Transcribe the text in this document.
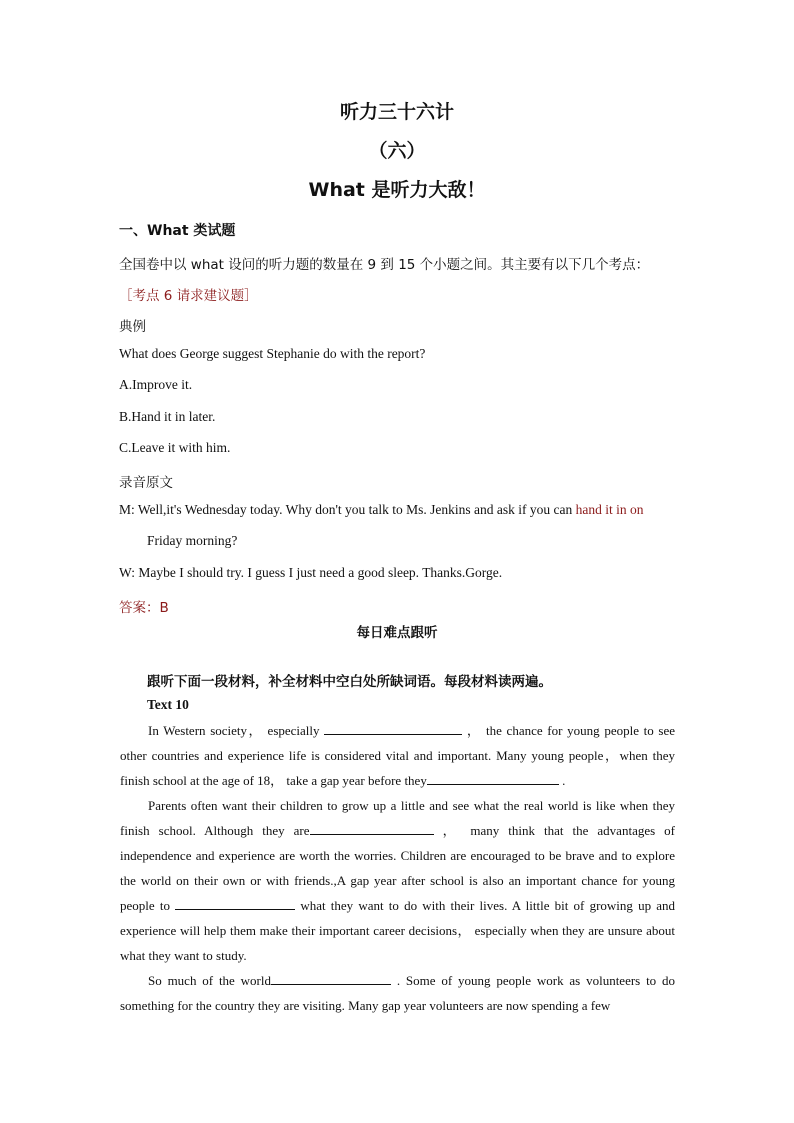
听力三十六计
（六）
What 是听力大敌！
一、What 类试题
全国卷中以 what 设问的听力题的数量在 9 到 15 个小题之间。其主要有以下几个考点：
［考点 6 请求建议题］
典例
What does George suggest Stephanie do with the report?
A.Improve it.
B.Hand it in later.
C.Leave it with him.
录音原文
M: Well,it's Wednesday today. Why don't you talk to Ms. Jenkins and ask if you can hand it in on
Friday morning?
W: Maybe I should try. I guess I just need a good sleep. Thanks.Gorge.
答案：B
每日难点跟听
跟听下面一段材料，补全材料中空白处所缺词语。每段材料读两遍。
Text 10

In Western society， especially	， the chance for young people to see other countries and experience life is considered vital and important. Many young people，when they finish school at the age of 18， take a gap year before they	.

Parents often want their children to grow up a little and see what the real world is like when they finish school. Although they are	， many think that the advantages of independence and experience are worth the worries. Children are encouraged to be brave and to explore the world on their own or with friends.,A gap year after school is also an important chance for young people to	what they want to do with their lives. A little bit of growing up and experience will help them make their important career decisions， especially when they are unsure about what they want to study.

So much of the world	. Some of young people work as volunteers to do something for the country they are visiting. Many gap year volunteers are now spending a few
